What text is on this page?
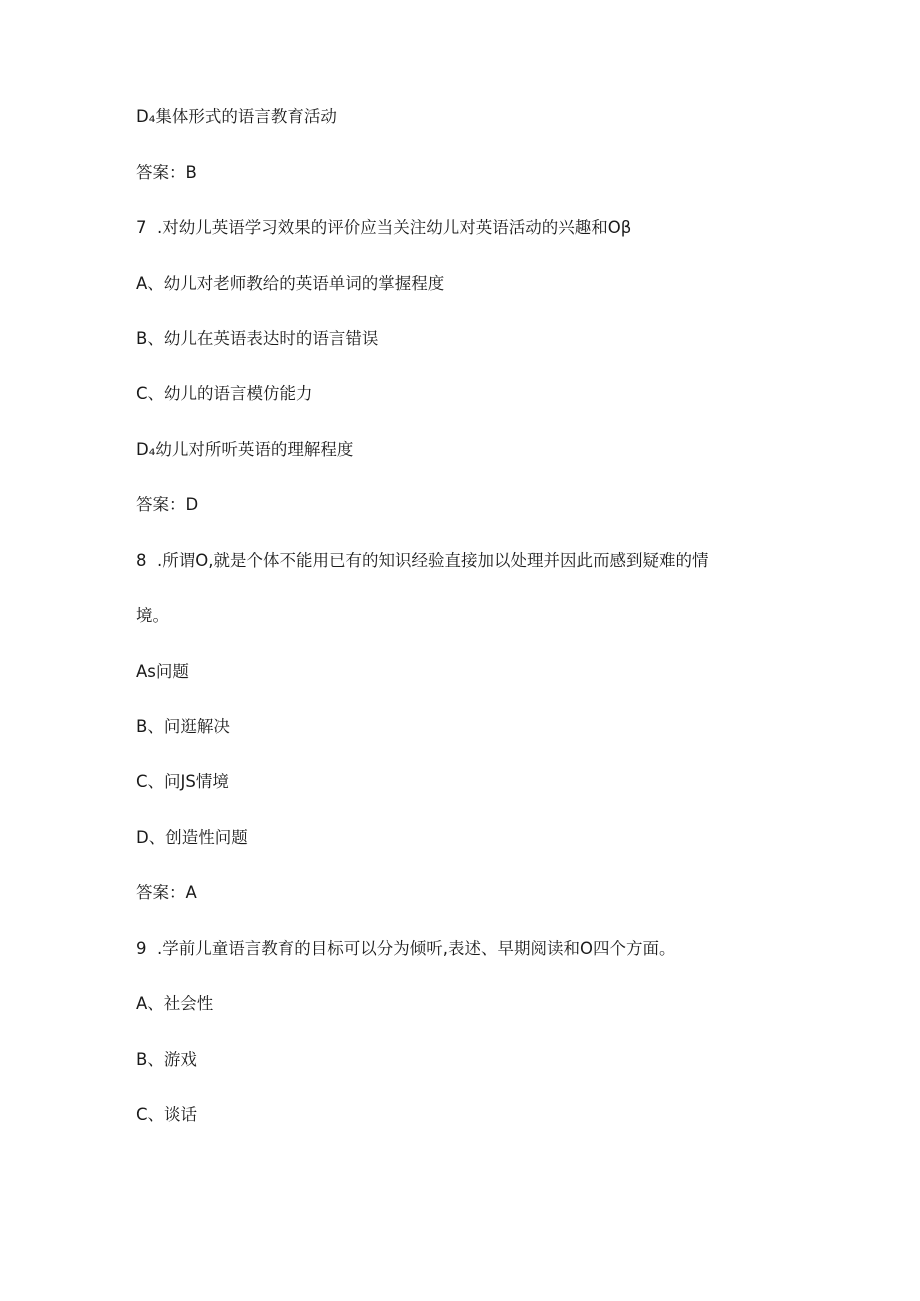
D₄集体形式的语言教育活动
答案：B
7  .对幼儿英语学习效果的评价应当关注幼儿对英语活动的兴趣和Oβ
A、幼儿对老师教给的英语单词的掌握程度
B、幼儿在英语表达时的语言错误
C、幼儿的语言模仿能力
D₄幼儿对所听英语的理解程度
答案：D
8  .所谓O,就是个体不能用已有的知识经验直接加以处理并因此而感到疑难的情
境。
As问题
B、问逛解决
C、问JS情境
D、创造性问题
答案：A
9  .学前儿童语言教育的目标可以分为倾听,表述、早期阅读和O四个方面。
A、社会性
B、游戏
C、谈话
